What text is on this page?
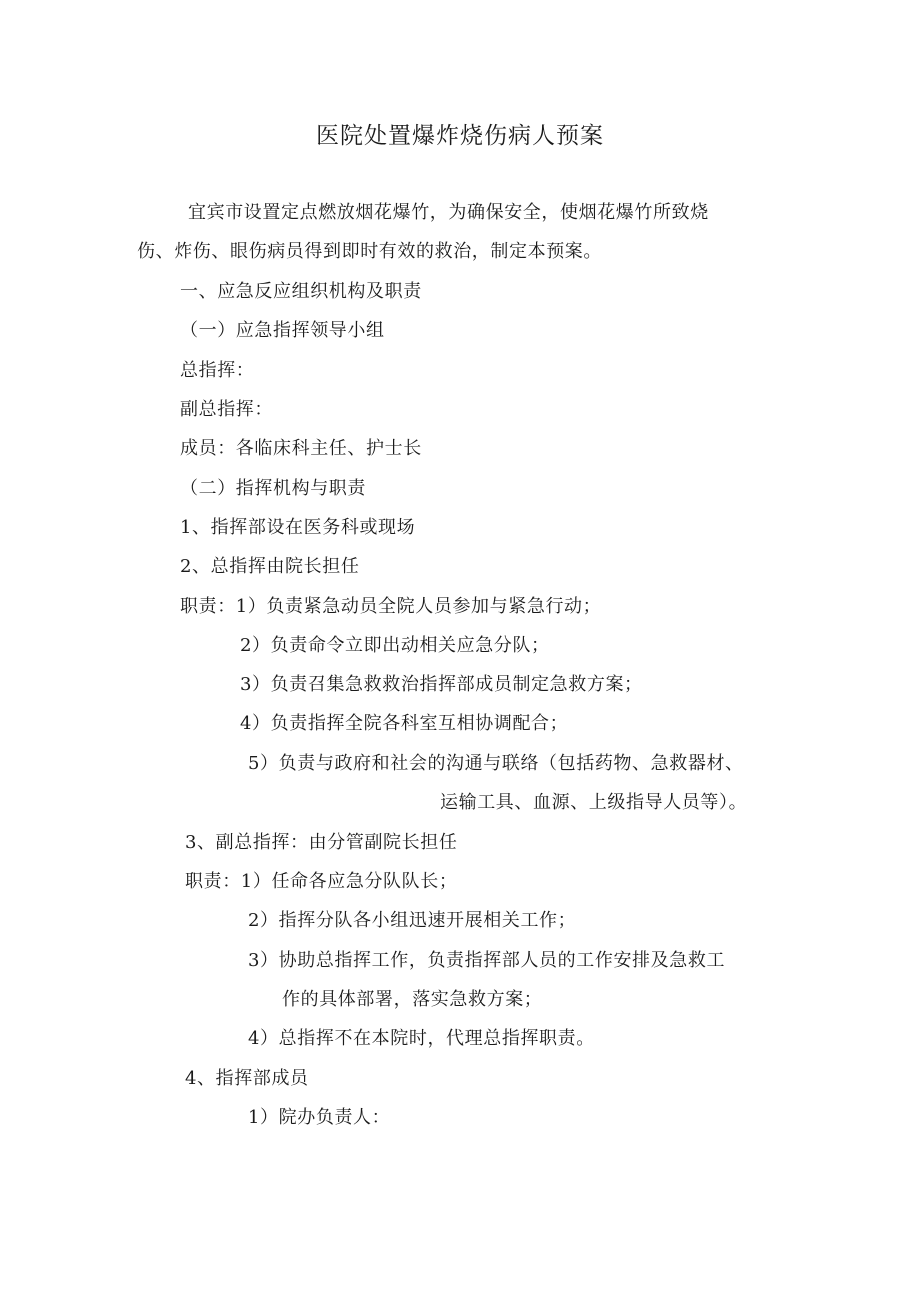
医院处置爆炸烧伤病人预案
宜宾市设置定点燃放烟花爆竹，为确保安全，使烟花爆竹所致烧
伤、炸伤、眼伤病员得到即时有效的救治，制定本预案。
一、应急反应组织机构及职责
（一）应急指挥领导小组
总指挥：
副总指挥：
成员：各临床科主任、护士长
（二）指挥机构与职责
1、指挥部设在医务科或现场
2、总指挥由院长担任
职责：1）负责紧急动员全院人员参加与紧急行动；
2）负责命令立即出动相关应急分队；
3）负责召集急救救治指挥部成员制定急救方案；
4）负责指挥全院各科室互相协调配合；
5）负责与政府和社会的沟通与联络（包括药物、急救器材、
运输工具、血源、上级指导人员等）。
3、副总指挥：由分管副院长担任
职责：1）任命各应急分队队长；
2）指挥分队各小组迅速开展相关工作；
3）协助总指挥工作，负责指挥部人员的工作安排及急救工
作的具体部署，落实急救方案；
4）总指挥不在本院时，代理总指挥职责。
4、指挥部成员
1）院办负责人：
